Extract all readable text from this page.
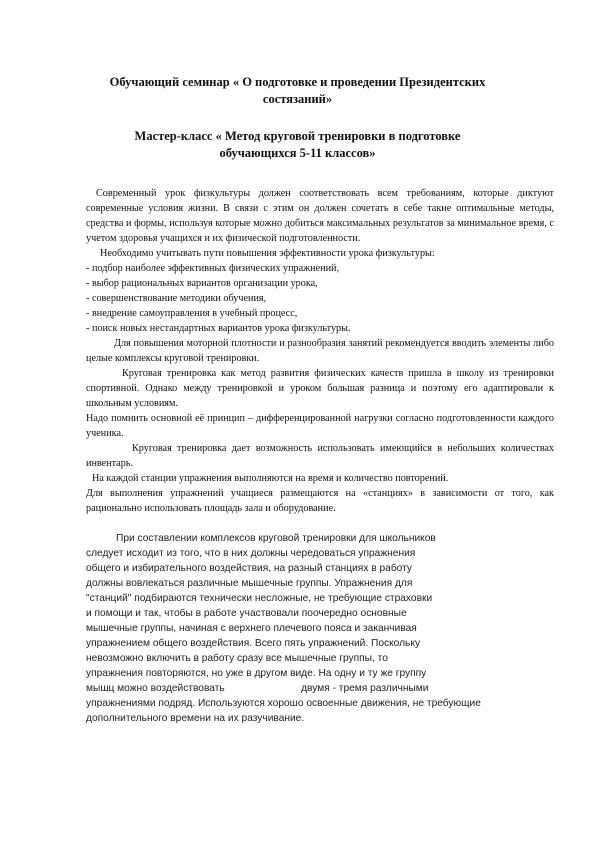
Обучающий семинар « О подготовке и проведении Президентских состязаний»
Мастер-класс « Метод круговой тренировки в подготовке обучающихся 5-11 классов»

Современный урок физкультуры должен соответствовать всем требованиям, которые диктуют современные условия жизни. В связи с этим он должен сочетать в себе такие оптимальные методы, средства и формы, используя которые можно добиться максимальных результатов за минимальное время, с учетом здоровья учащихся и их физической подготовленности.

Необходимо учитывать пути повышения эффективности урока физкультуры:

- подбор наиболее эффективных физических упражнений,

- выбор рациональных вариантов организации урока,

- совершенствование методики обучения,

- внедрение самоуправления в учебный процесс,

- поиск новых нестандартных вариантов урока физкультуры.

Для повышения моторной плотности и разнообразия занятий рекомендуется вводить элементы либо целые комплексы круговой тренировки.

Круговая тренировка как метод развития физических качеств пришла в школу из тренировки спортивной. Однако между тренировкой и уроком большая разница и поэтому его адаптировали к школьным условиям.

Надо помнить основной её принцип – дифференцированной нагрузки согласно подготовленности каждого ученика.

Круговая тренировка дает возможность использовать имеющийся в небольших количествах инвентарь.

На каждой станции упражнения выполняются на время и количество повторений.

Для выполнения упражнений учащиеся размещаются на «станциях» в зависимости от того, как рационально использовать площадь зала и оборудование.

При составлении комплексов круговой тренировки для школьников
следует исходит из того, что в них должны чередоваться упражнения
общего и избирательного воздействия, на разный станциях в работу
должны вовлекаться различные мышечные группы. Упражнения для
"станций" подбираются технически несложные, не требующие страховки
и помощи и так, чтобы в работе участвовали поочередно основные
мышечные группы, начиная с верхнего плечевого пояса и заканчивая
упражнением общего воздействия. Всего пять упражнений. Поскольку
невозможно включить в работу сразу все мышечные группы, то
упражнения повторяются, но уже в другом виде. На одну и ту же группу
мышц можно воздействовать                           двумя - тремя различными
упражнениями подряд. Используются хорошо освоенные движения, не требующие
дополнительного времени на их разучивание.
